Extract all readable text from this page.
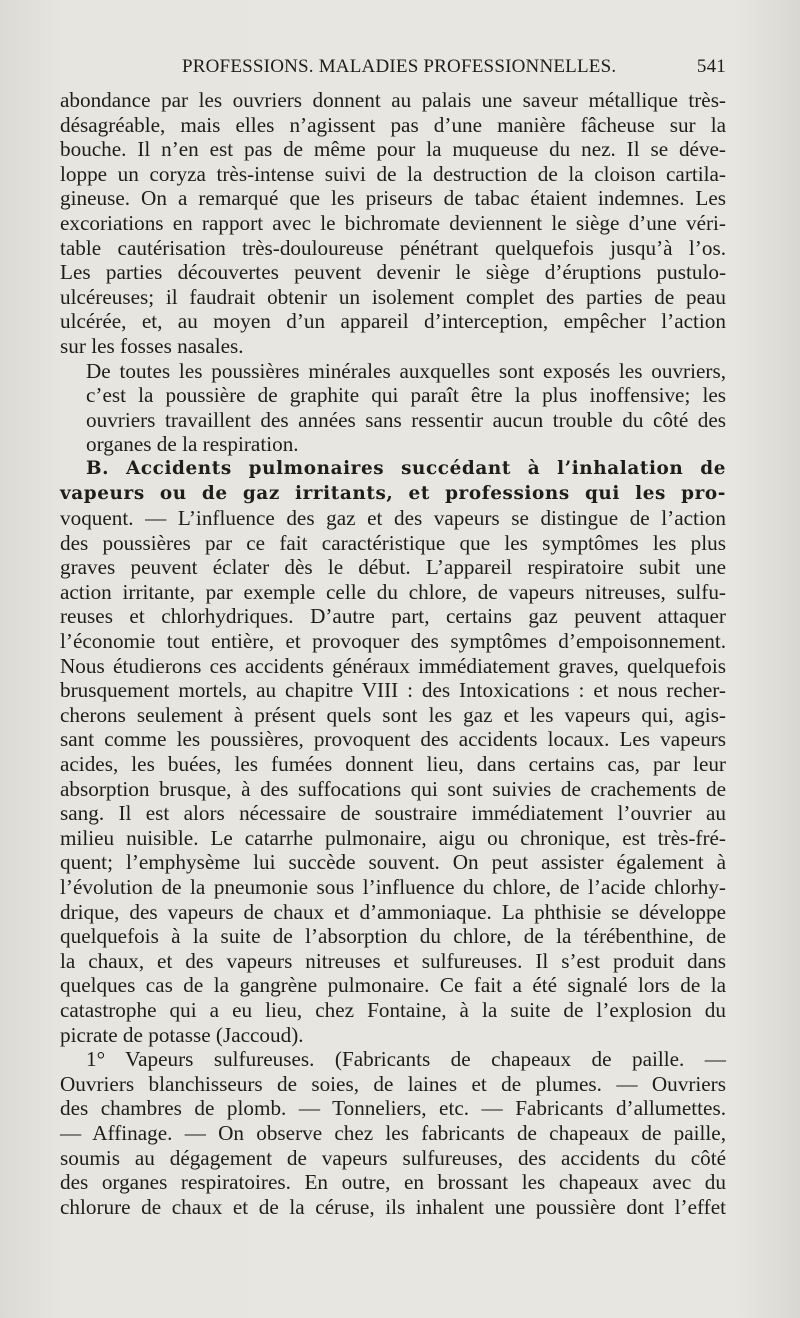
PROFESSIONS. MALADIES PROFESSIONNELLES.	541

abondance par les ouvriers donnent au palais une saveur métallique très-
désagréable, mais elles n’agissent pas d’une manière fâcheuse sur la
bouche. Il n’en est pas de même pour la muqueuse du nez. Il se déve-
loppe un coryza très-intense suivi de la destruction de la cloison cartila-
gineuse. On a remarqué que les priseurs de tabac étaient indemnes. Les
excoriations en rapport avec le bichromate deviennent le siège d’une véri-
table cautérisation très-douloureuse pénétrant quelquefois jusqu’à l’os.
Les parties découvertes peuvent devenir le siège d’éruptions pustulo-
ulcéreuses; il faudrait obtenir un isolement complet des parties de peau
ulcérée, et, au moyen d’un appareil d’interception, empêcher l’action
sur les fosses nasales.

De toutes les poussières minérales auxquelles sont exposés les ouvriers,
c’est la poussière de graphite qui paraît être la plus inoffensive; les
ouvriers travaillent des années sans ressentir aucun trouble du côté des
organes de la respiration.

B. Accidents pulmonaires succédant à l’inhalation de
vapeurs ou de gaz irritants, et professions qui les pro-
voquent. — L’influence des gaz et des vapeurs se distingue de l’action
des poussières par ce fait caractéristique que les symptômes les plus
graves peuvent éclater dès le début. L’appareil respiratoire subit une
action irritante, par exemple celle du chlore, de vapeurs nitreuses, sulfu-
reuses et chlorhydriques. D’autre part, certains gaz peuvent attaquer
l’économie tout entière, et provoquer des symptômes d’empoisonnement.
Nous étudierons ces accidents généraux immédiatement graves, quelquefois
brusquement mortels, au chapitre VIII : des Intoxications : et nous recher-
cherons seulement à présent quels sont les gaz et les vapeurs qui, agis-
sant comme les poussières, provoquent des accidents locaux. Les vapeurs
acides, les buées, les fumées donnent lieu, dans certains cas, par leur
absorption brusque, à des suffocations qui sont suivies de crachements de
sang. Il est alors nécessaire de soustraire immédiatement l’ouvrier au
milieu nuisible. Le catarrhe pulmonaire, aigu ou chronique, est très-fré-
quent; l’emphysème lui succède souvent. On peut assister également à
l’évolution de la pneumonie sous l’influence du chlore, de l’acide chlorhy-
drique, des vapeurs de chaux et d’ammoniaque. La phthisie se développe
quelquefois à la suite de l’absorption du chlore, de la térébenthine, de
la chaux, et des vapeurs nitreuses et sulfureuses. Il s’est produit dans
quelques cas de la gangrène pulmonaire. Ce fait a été signalé lors de la
catastrophe qui a eu lieu, chez Fontaine, à la suite de l’explosion du
picrate de potasse (Jaccoud).

1° Vapeurs sulfureuses. (Fabricants de chapeaux de paille. —
Ouvriers blanchisseurs de soies, de laines et de plumes. — Ouvriers
des chambres de plomb. — Tonneliers, etc. — Fabricants d’allumettes.
— Affinage. — On observe chez les fabricants de chapeaux de paille,
soumis au dégagement de vapeurs sulfureuses, des accidents du côté
des organes respiratoires. En outre, en brossant les chapeaux avec du
chlorure de chaux et de la céruse, ils inhalent une poussière dont l’effet
